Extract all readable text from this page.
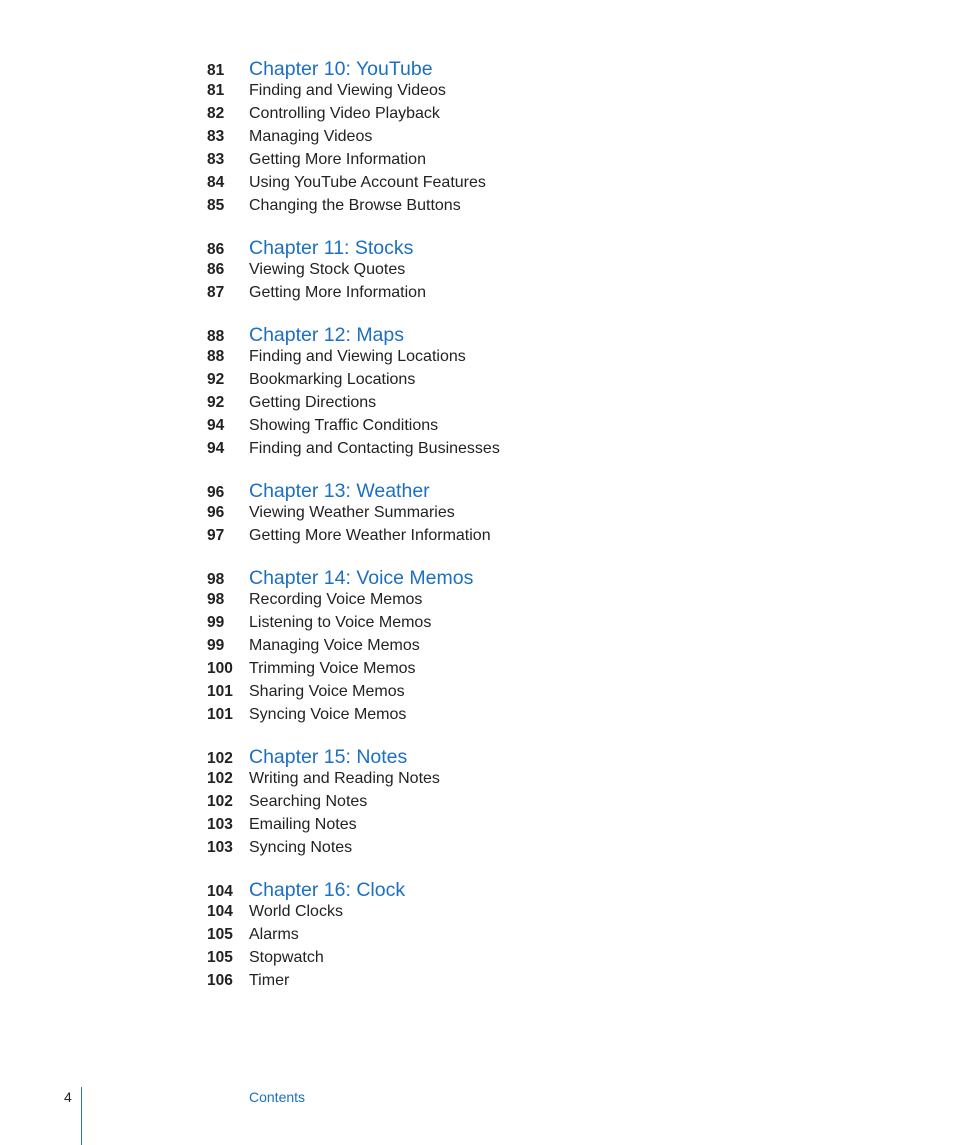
81	Chapter 10: YouTube
81	Finding and Viewing Videos
82	Controlling Video Playback
83	Managing Videos
83	Getting More Information
84	Using YouTube Account Features
85	Changing the Browse Buttons
86	Chapter 11: Stocks
86	Viewing Stock Quotes
87	Getting More Information
88	Chapter 12: Maps
88	Finding and Viewing Locations
92	Bookmarking Locations
92	Getting Directions
94	Showing Traffic Conditions
94	Finding and Contacting Businesses
96	Chapter 13: Weather
96	Viewing Weather Summaries
97	Getting More Weather Information
98	Chapter 14: Voice Memos
98	Recording Voice Memos
99	Listening to Voice Memos
99	Managing Voice Memos
100	Trimming Voice Memos
101	Sharing Voice Memos
101	Syncing Voice Memos
102 Chapter 15: Notes
102	Writing and Reading Notes
102	Searching Notes
103	Emailing Notes
103	Syncing Notes
104 Chapter 16: Clock
104	World Clocks
105	Alarms
105	Stopwatch
106	Timer
4	Contents
